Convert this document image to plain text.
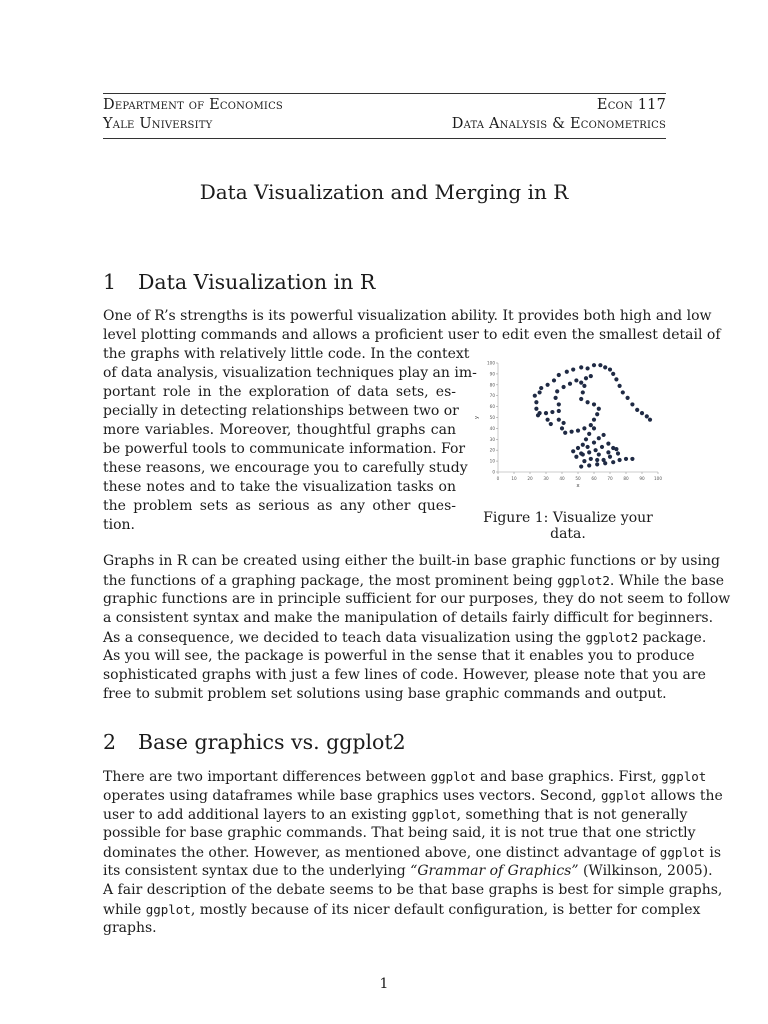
Department of Economics	Econ 117
Yale University	Data Analysis & Econometrics
Data Visualization and Merging in R
1 Data Visualization in R
One of R’s strengths is its powerful visualization ability. It provides both high and low
level plotting commands and allows a proficient user to edit even the smallest detail of
the graphs with relatively little code. In the context
of data analysis, visualization techniques play an im-
portant role in the exploration of data sets, es-
pecially in detecting relationships between two or
more variables. Moreover, thoughtful graphs can
be powerful tools to communicate information. For
these reasons, we encourage you to carefully study
these notes and to take the visualization tasks on
the problem sets as serious as any other ques-
tion.
0	10	20	30	40	50	60	70	80	90 100
0
10
20
30
40
50
60
70
80
90
100
x
y
Figure 1: Visualize your data.
Graphs in R can be created using either the built-in base graphic functions or by using
the functions of a graphing package, the most prominent being ggplot2. While the base
graphic functions are in principle sufficient for our purposes, they do not seem to follow
a consistent syntax and make the manipulation of details fairly difficult for beginners.
As a consequence, we decided to teach data visualization using the ggplot2 package.
As you will see, the package is powerful in the sense that it enables you to produce
sophisticated graphs with just a few lines of code. However, please note that you are
free to submit problem set solutions using base graphic commands and output.
2 Base graphics vs. ggplot2
There are two important differences between ggplot and base graphics. First, ggplot
operates using dataframes while base graphics uses vectors. Second, ggplot allows the
user to add additional layers to an existing ggplot, something that is not generally
possible for base graphic commands. That being said, it is not true that one strictly
dominates the other. However, as mentioned above, one distinct advantage of ggplot is
its consistent syntax due to the underlying “Grammar of Graphics” (Wilkinson, 2005).
A fair description of the debate seems to be that base graphs is best for simple graphs,
while ggplot, mostly because of its nicer default configuration, is better for complex
graphs.
1
